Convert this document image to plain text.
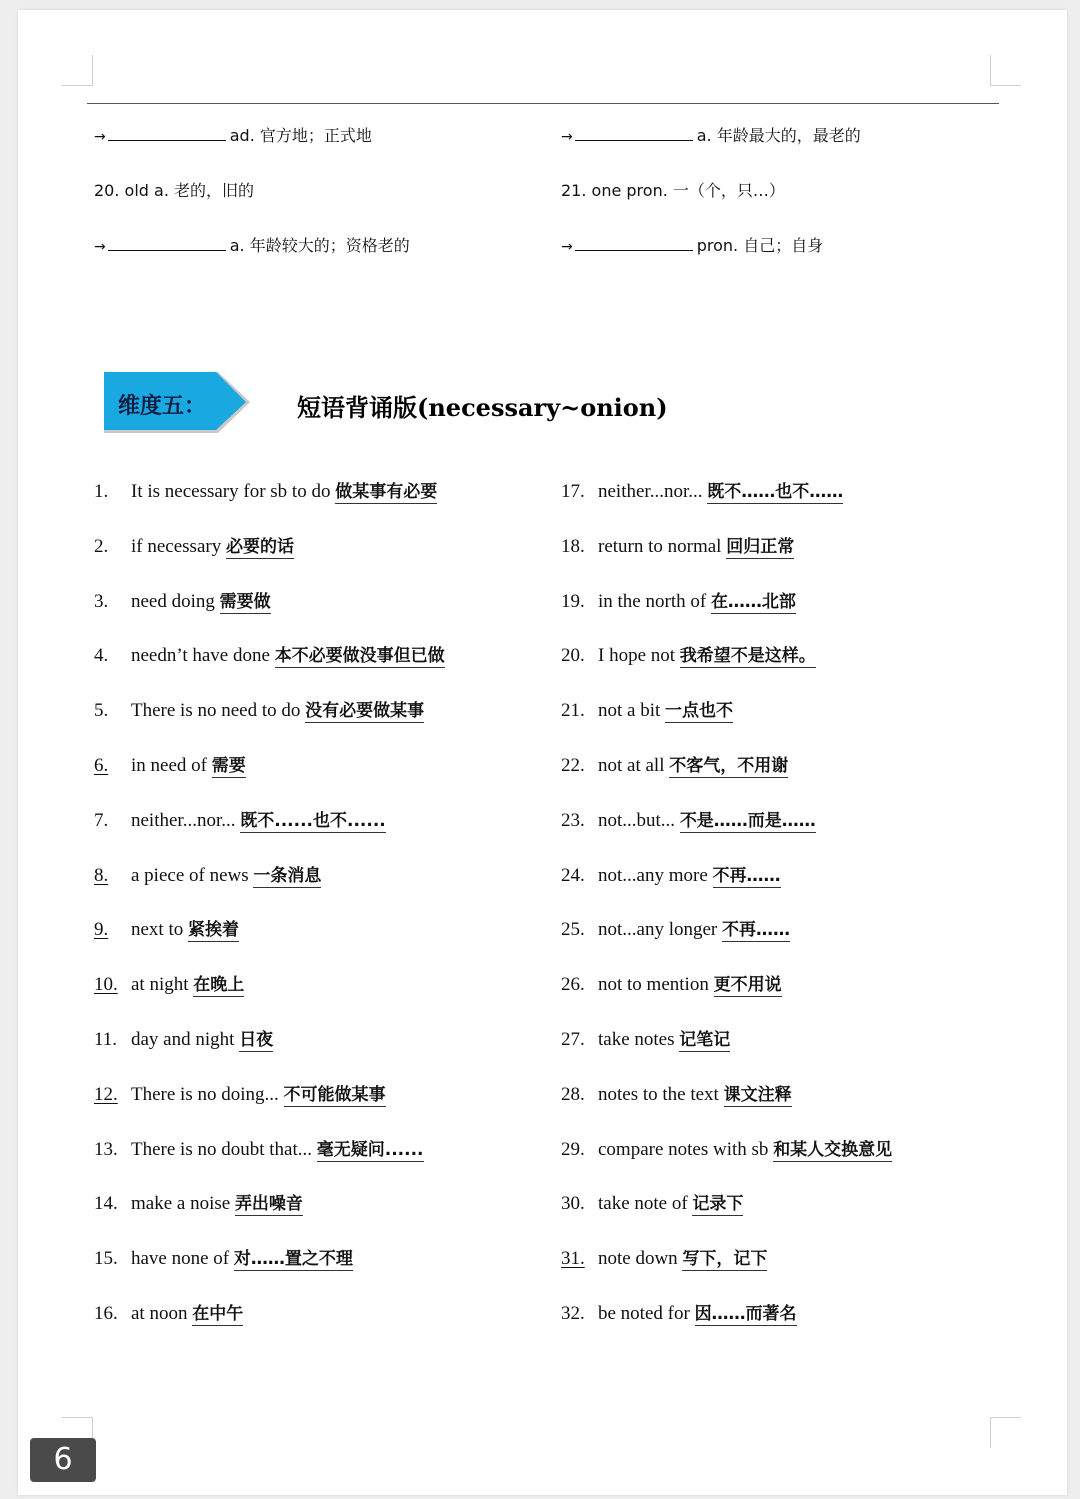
→	ad. 官方地；正式地	→	a. 年龄最大的，最老的
20. old a. 老的，旧的	21. one pron. 一（个，只…）
→	a. 年龄较大的；资格老的	→	pron. 自己；自身
维度五：	短语背诵版(necessary~onion)
1. It is necessary for sb to do 做某事有必要
2. if necessary 必要的话
3. need doing 需要做
4. needn’t have done 本不必要做没事但已做
5. There is no need to do 没有必要做某事
6. in need of 需要
7. neither...nor... 既不......也不......
8. a piece of news 一条消息
9. next to 紧挨着
10. at night 在晚上
11. day and night 日夜
12. There is no doing... 不可能做某事
13. There is no doubt that... 毫无疑问......
14. make a noise 弄出噪音
15. have none of 对……置之不理
16. at noon 在中午
17. neither...nor... 既不……也不……
18. return to normal 回归正常
19. in the north of 在……北部
20. I hope not 我希望不是这样。
21. not a bit 一点也不
22. not at all 不客气，不用谢
23. not...but... 不是……而是……
24. not...any more 不再……
25. not...any longer 不再……
26. not to mention 更不用说
27. take notes 记笔记
28. notes to the text 课文注释
29. compare notes with sb 和某人交换意见
30. take note of 记录下
31. note down 写下，记下
32. be noted for 因……而著名
6
